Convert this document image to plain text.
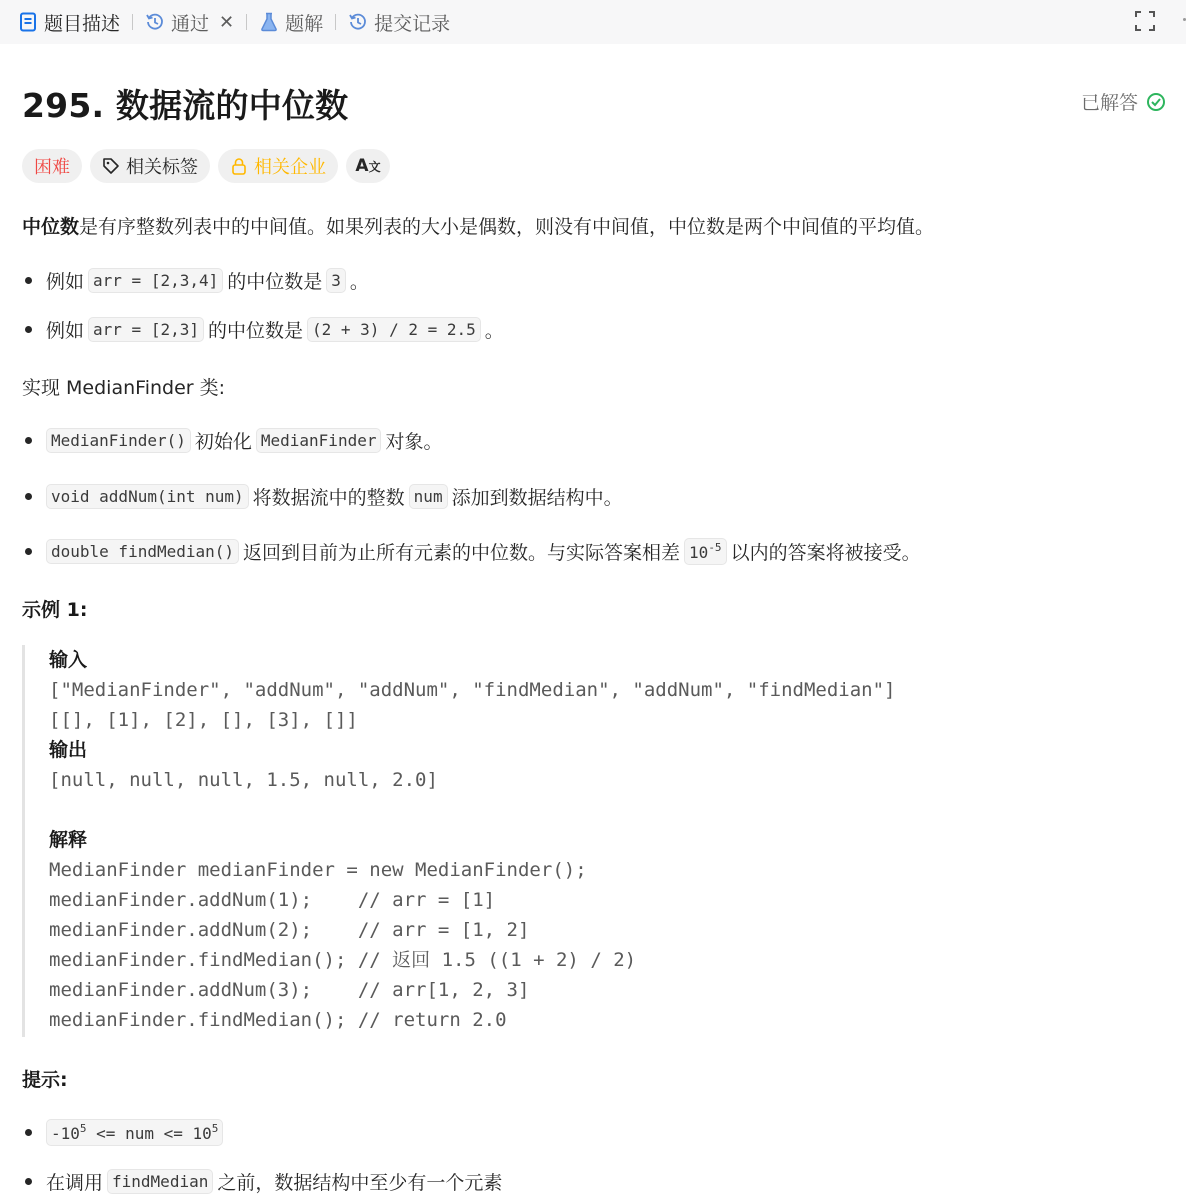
题目描述	通过 ✕	题解	提交记录
295. 数据流的中位数	已解答
困难	相关标签	相关企业 A文
中位数是有序整数列表中的中间值。如果列表的大小是偶数，则没有中间值，中位数是两个中间值的平均值。
例如 arr = [2,3,4] 的中位数是 3 。
例如 arr = [2,3] 的中位数是 (2 + 3) / 2 = 2.5 。
实现 MedianFinder 类:
MedianFinder() 初始化 MedianFinder 对象。
void addNum(int num) 将数据流中的整数 num 添加到数据结构中。
double findMedian() 返回到目前为止所有元素的中位数。与实际答案相差 $10^{-5}$ 以内的答案将被接受。
示例 1:
输入
["MedianFinder", "addNum", "addNum", "findMedian", "addNum", "findMedian"]
[[], [1], [2], [], [3], []]
输出
[null, null, null, 1.5, null, 2.0]
解释
MedianFinder medianFinder = new MedianFinder();
medianFinder.addNum(1);    // arr = [1]
medianFinder.addNum(2);    // arr = [1, 2]
medianFinder.findMedian(); // 返回 1.5 ((1 + 2) / 2)
medianFinder.addNum(3);    // arr[1, 2, 3]
medianFinder.findMedian(); // return 2.0
提示:
$-10^5$ <= num <= $10^5$
在调用 findMedian 之前，数据结构中至少有一个元素
